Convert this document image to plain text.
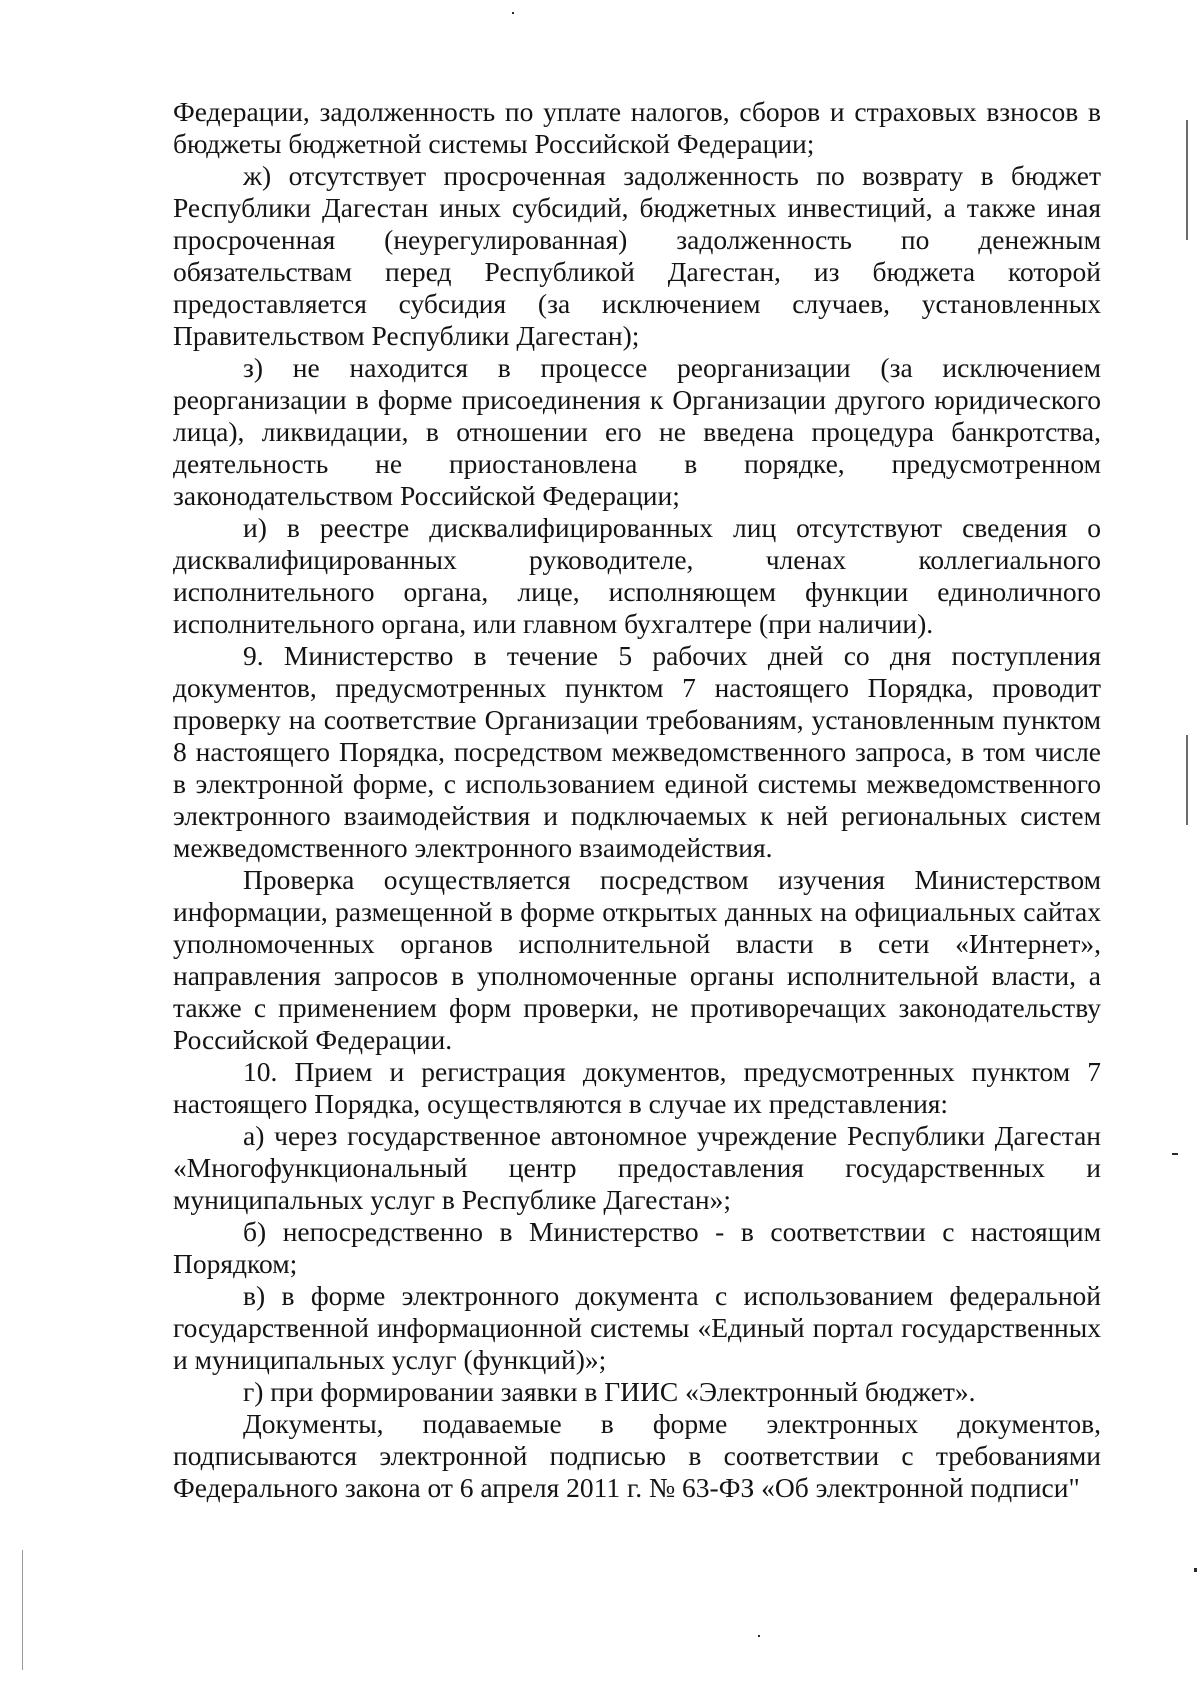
Федерации, задолженность по уплате налогов, сборов и страховых взносов в бюджеты бюджетной системы Российской Федерации;

ж) отсутствует просроченная задолженность по возврату в бюджет Республики Дагестан иных субсидий, бюджетных инвестиций, а также иная просроченная (неурегулированная) задолженность по денежным обязательствам перед Республикой Дагестан, из бюджета которой предоставляется субсидия (за исключением случаев, установленных Правительством Республики Дагестан);

з) не находится в процессе реорганизации (за исключением реорганизации в форме присоединения к Организации другого юридического лица), ликвидации, в отношении его не введена процедура банкротства, деятельность не приостановлена в порядке, предусмотренном законодательством Российской Федерации;

и) в реестре дисквалифицированных лиц отсутствуют сведения о дисквалифицированных руководителе, членах коллегиального исполнительного органа, лице, исполняющем функции единоличного исполнительного органа, или главном бухгалтере (при наличии).

9. Министерство в течение 5 рабочих дней со дня поступления документов, предусмотренных пунктом 7 настоящего Порядка, проводит проверку на соответствие Организации требованиям, установленным пунктом 8 настоящего Порядка, посредством межведомственного запроса, в том числе в электронной форме, с использованием единой системы межведомственного электронного взаимодействия и подключаемых к ней региональных систем межведомственного электронного взаимодействия.

Проверка осуществляется посредством изучения Министерством информации, размещенной в форме открытых данных на официальных сайтах уполномоченных органов исполнительной власти в сети «Интернет», направления запросов в уполномоченные органы исполнительной власти, а также с применением форм проверки, не противоречащих законодательству Российской Федерации.

10. Прием и регистрация документов, предусмотренных пунктом 7 настоящего Порядка, осуществляются в случае их представления:

а) через государственное автономное учреждение Республики Дагестан «Многофункциональный центр предоставления государственных и муниципальных услуг в Республике Дагестан»;

б) непосредственно в Министерство - в соответствии с настоящим Порядком;

в) в форме электронного документа с использованием федеральной государственной информационной системы «Единый портал государственных и муниципальных услуг (функций)»;

г) при формировании заявки в ГИИС «Электронный бюджет».

Документы, подаваемые в форме электронных документов, подписываются электронной подписью в соответствии с требованиями Федерального закона от 6 апреля 2011 г. № 63-ФЗ «Об электронной подписи"
